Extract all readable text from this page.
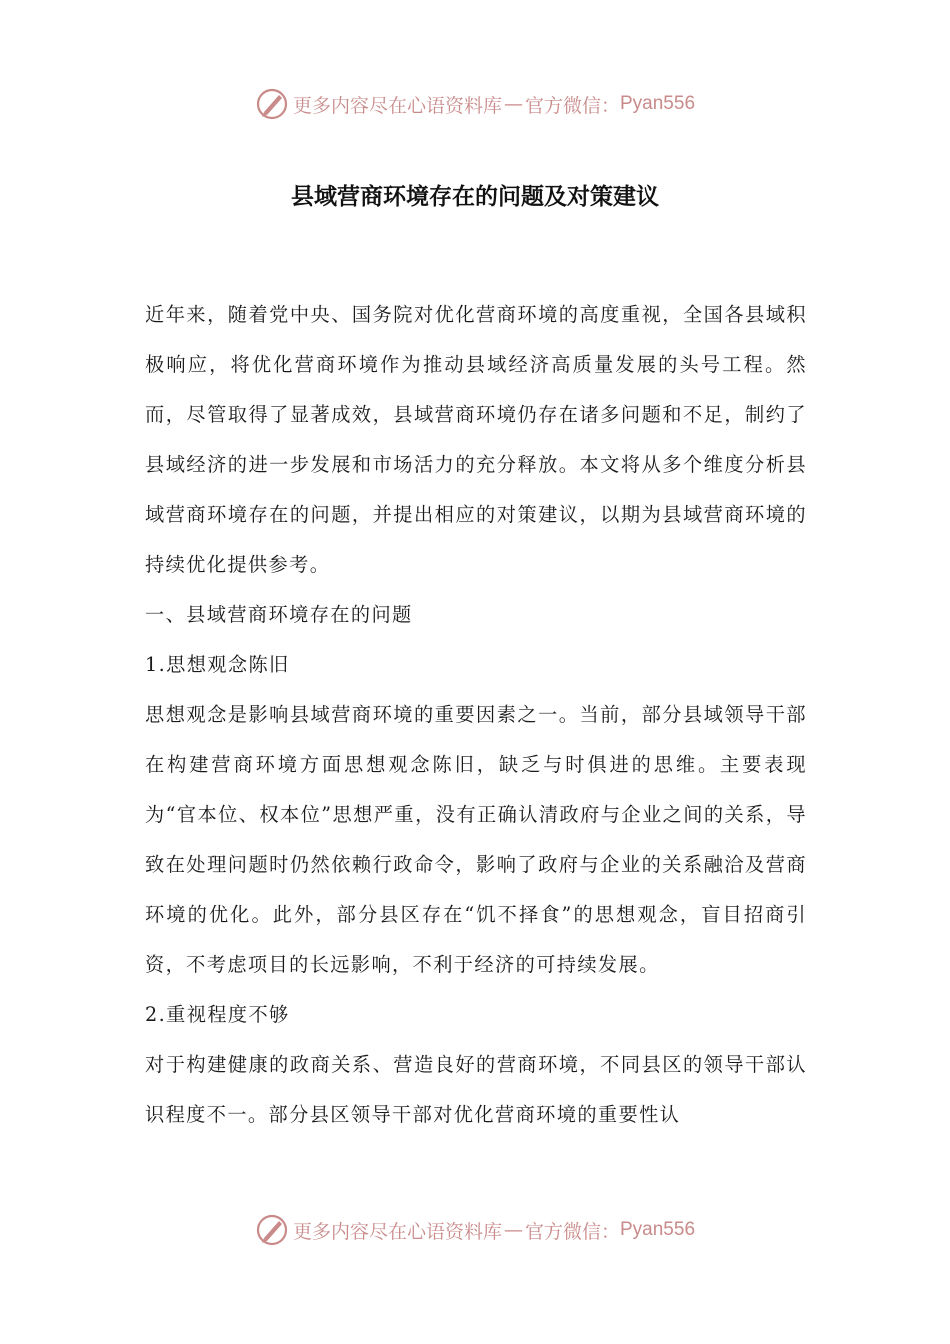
更多内容尽在心语资料库 — 官方微信： Pyan556
县域营商环境存在的问题及对策建议

近年来，随着党中央、国务院对优化营商环境的高度重视，全国各县域积极响应，将优化营商环境作为推动县域经济高质量发展的头号工程。然而，尽管取得了显著成效，县域营商环境仍存在诸多问题和不足，制约了县域经济的进一步发展和市场活力的充分释放。本文将从多个维度分析县域营商环境存在的问题，并提出相应的对策建议，以期为县域营商环境的持续优化提供参考。

一、县域营商环境存在的问题

1.思想观念陈旧

思想观念是影响县域营商环境的重要因素之一。当前，部分县域领导干部在构建营商环境方面思想观念陈旧，缺乏与时俱进的思维。主要表现为“官本位、权本位”思想严重，没有正确认清政府与企业之间的关系，导致在处理问题时仍然依赖行政命令，影响了政府与企业的关系融洽及营商环境的优化。此外，部分县区存在“饥不择食”的思想观念，盲目招商引资，不考虑项目的长远影响，不利于经济的可持续发展。

2.重视程度不够

对于构建健康的政商关系、营造良好的营商环境，不同县区的领导干部认识程度不一。部分县区领导干部对优化营商环境的重要性认

更多内容尽在心语资料库 — 官方微信： Pyan556
